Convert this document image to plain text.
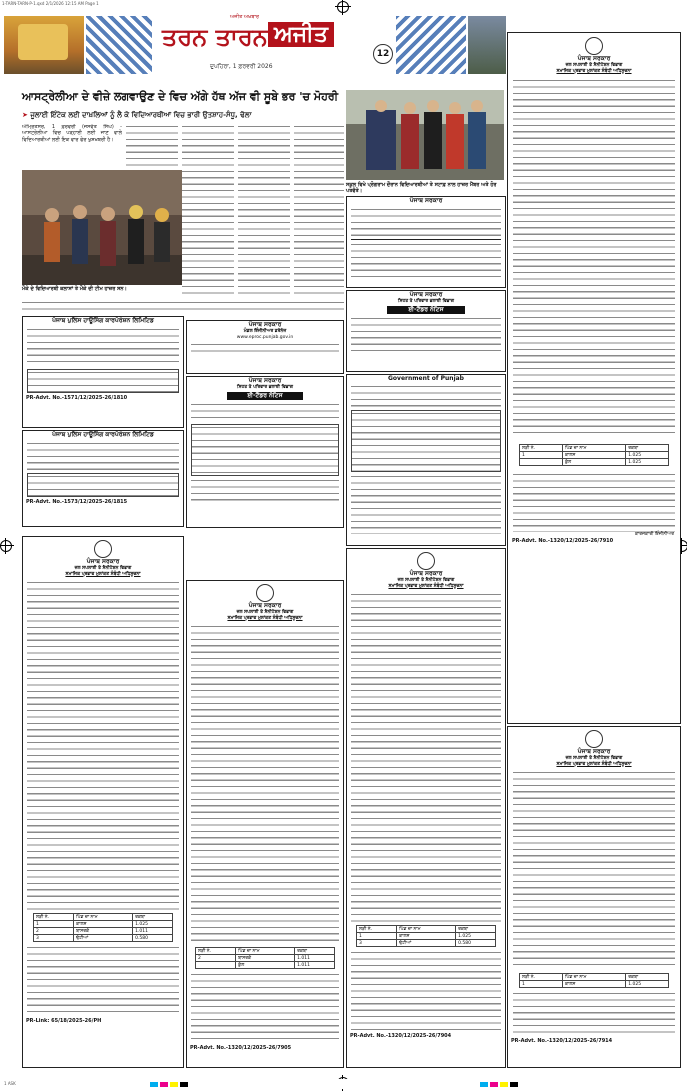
1-TARN-TARN-P-1.qxd 2/1/2026 12:15 AM Page 1
ਅਜੀਤ ਅਖ਼ਬਾਰ
ਤਰਨ ਤਾਰਨ ਅਜੀਤ
ਦੁਪਹਿਰਾ, 1 ਫ਼ਰਵਰੀ 2026
12
ਆਸਟ੍ਰੇਲੀਆ ਦੇ ਵੀਜ਼ੇ ਲਗਵਾਉਣ ਦੇ ਵਿਚ ਅੱਗੇ ਹੱਥ ਅੱਜ ਵੀ ਸੂਬੇ ਭਰ 'ਚ ਮੋਹਰੀ
➤ ਜੂਲਾਈ ਇੰਟੇਕ ਲਈ ਦਾਖ਼ਲਿਆਂ ਨੂੰ ਲੈ ਕੇ ਵਿਦਿਆਰਥੀਆਂ ਵਿਚ ਭਾਰੀ ਉਤਸ਼ਾਹ-ਸੰਧੂ, ਢੋਲਾ
ਅੰਮ੍ਰਿਤਸਰ, 1 ਫ਼ਰਵਰੀ (ਜਸਵੰਤ ਸਿੰਘ) - ਆਸਟ੍ਰੇਲੀਆ ਵਿਚ ਪੜ੍ਹਾਈ ਲਈ ਜਾਣ ਵਾਲੇ ਵਿਦਿਆਰਥੀਆਂ ਲਈ ਇਕ ਵਾਰ ਫੇਰ ਖੁਸ਼ਖ਼ਬਰੀ ਹੈ।
ਮੌਕੇ ਦੇ ਵਿਦਿਆਰਥੀ ਕਲਾਸਾਂ ਤੇ ਮੌਕੇ ਦੀ ਟੀਮ ਹਾਜ਼ਰ ਸਨ।
ਸਕੂਲ ਵਿਖੇ ਪ੍ਰੋਗਰਾਮ ਦੌਰਾਨ ਵਿਦਿਆਰਥੀਆਂ ਤੇ ਸਟਾਫ਼ ਨਾਲ ਹਾਜ਼ਰ ਮੈਂਬਰ ਅਤੇ ਹੋਰ ਪਤਵੰਤੇ।
ਪੰਜਾਬ ਸਰਕਾਰ
ਜਲ ਸਪਲਾਈ ਤੇ ਸੈਨੀਟੇਸ਼ਨ ਵਿਭਾਗ
ਸਮਾਜਿਕ ਪ੍ਰਭਾਵ ਮੁਲਾਂਕਣ ਸੰਬੰਧੀ ਅਧਿਸੂਚਨਾ
ਲੜੀ ਨੰ.	ਪਿੰਡ ਦਾ ਨਾਮ	ਰਕਬਾ
1	ਕਾਲਸ	1.025
	ਕੁੱਲ	1.025
ਕਾਰਜਕਾਰੀ ਇੰਜੀਨੀਅਰ
PR-Advt. No.-1320/12/2025-26/7910
ਪੰਜਾਬ ਸਰਕਾਰ
ਪੰਜਾਬ ਸਰਕਾਰ
ਸਿਹਤ ਤੇ ਪਰਿਵਾਰ ਭਲਾਈ ਵਿਭਾਗ
ਈ-ਟੈਂਡਰ ਨੋਟਿਸ
Government of Punjab
ਪੰਜਾਬ ਪੁਲਿਸ ਹਾਊਸਿੰਗ ਕਾਰਪੋਰੇਸ਼ਨ ਲਿਮਿਟਿਡ
PR-Advt. No.-1571/12/2025-26/1810
ਪੰਜਾਬ ਪੁਲਿਸ ਹਾਊਸਿੰਗ ਕਾਰਪੋਰੇਸ਼ਨ ਲਿਮਿਟਿਡ
PR-Advt. No.-1573/12/2025-26/1815
ਪੰਜਾਬ ਸਰਕਾਰ
ਮੰਡਲ ਇੰਜੀਨੀਅਰ ਡਰੇਨੇਜ
www.eproc.punjab.gov.in
ਪੰਜਾਬ ਸਰਕਾਰ
ਸਿਹਤ ਤੇ ਪਰਿਵਾਰ ਭਲਾਈ ਵਿਭਾਗ
ਈ-ਟੈਂਡਰ ਨੋਟਿਸ
ਪੰਜਾਬ ਸਰਕਾਰ
ਜਲ ਸਪਲਾਈ ਤੇ ਸੈਨੀਟੇਸ਼ਨ ਵਿਭਾਗ
ਸਮਾਜਿਕ ਪ੍ਰਭਾਵ ਮੁਲਾਂਕਣ ਸੰਬੰਧੀ ਅਧਿਸੂਚਨਾ
ਲੜੀ ਨੰ.	ਪਿੰਡ ਦਾ ਨਾਮ	ਰਕਬਾ
1	ਕਾਲਸ	1.025
2	ਬਾਸਰਕੇ	1.011
3	ਢੋਟੀਆਂ	0.580
PR-Link: 65/18/2025-26/PH
ਪੰਜਾਬ ਸਰਕਾਰ
ਜਲ ਸਪਲਾਈ ਤੇ ਸੈਨੀਟੇਸ਼ਨ ਵਿਭਾਗ
ਸਮਾਜਿਕ ਪ੍ਰਭਾਵ ਮੁਲਾਂਕਣ ਸੰਬੰਧੀ ਅਧਿਸੂਚਨਾ
ਲੜੀ ਨੰ.	ਪਿੰਡ ਦਾ ਨਾਮ	ਰਕਬਾ
2	ਬਾਸਰਕੇ	1.011
	ਕੁੱਲ	1.011
PR-Advt. No.-1320/12/2025-26/7905
ਪੰਜਾਬ ਸਰਕਾਰ
ਜਲ ਸਪਲਾਈ ਤੇ ਸੈਨੀਟੇਸ਼ਨ ਵਿਭਾਗ
ਸਮਾਜਿਕ ਪ੍ਰਭਾਵ ਮੁਲਾਂਕਣ ਸੰਬੰਧੀ ਅਧਿਸੂਚਨਾ
ਲੜੀ ਨੰ.	ਪਿੰਡ ਦਾ ਨਾਮ	ਰਕਬਾ
1	ਕਾਲਸ	1.025
3	ਢੋਟੀਆਂ	0.580
PR-Advt. No.-1320/12/2025-26/7904
ਪੰਜਾਬ ਸਰਕਾਰ
ਜਲ ਸਪਲਾਈ ਤੇ ਸੈਨੀਟੇਸ਼ਨ ਵਿਭਾਗ
ਸਮਾਜਿਕ ਪ੍ਰਭਾਵ ਮੁਲਾਂਕਣ ਸੰਬੰਧੀ ਅਧਿਸੂਚਨਾ
ਲੜੀ ਨੰ.	ਪਿੰਡ ਦਾ ਨਾਮ	ਰਕਬਾ
1	ਕਾਲਸ	1.025
PR-Advt. No.-1320/12/2025-26/7914
1 ASK
